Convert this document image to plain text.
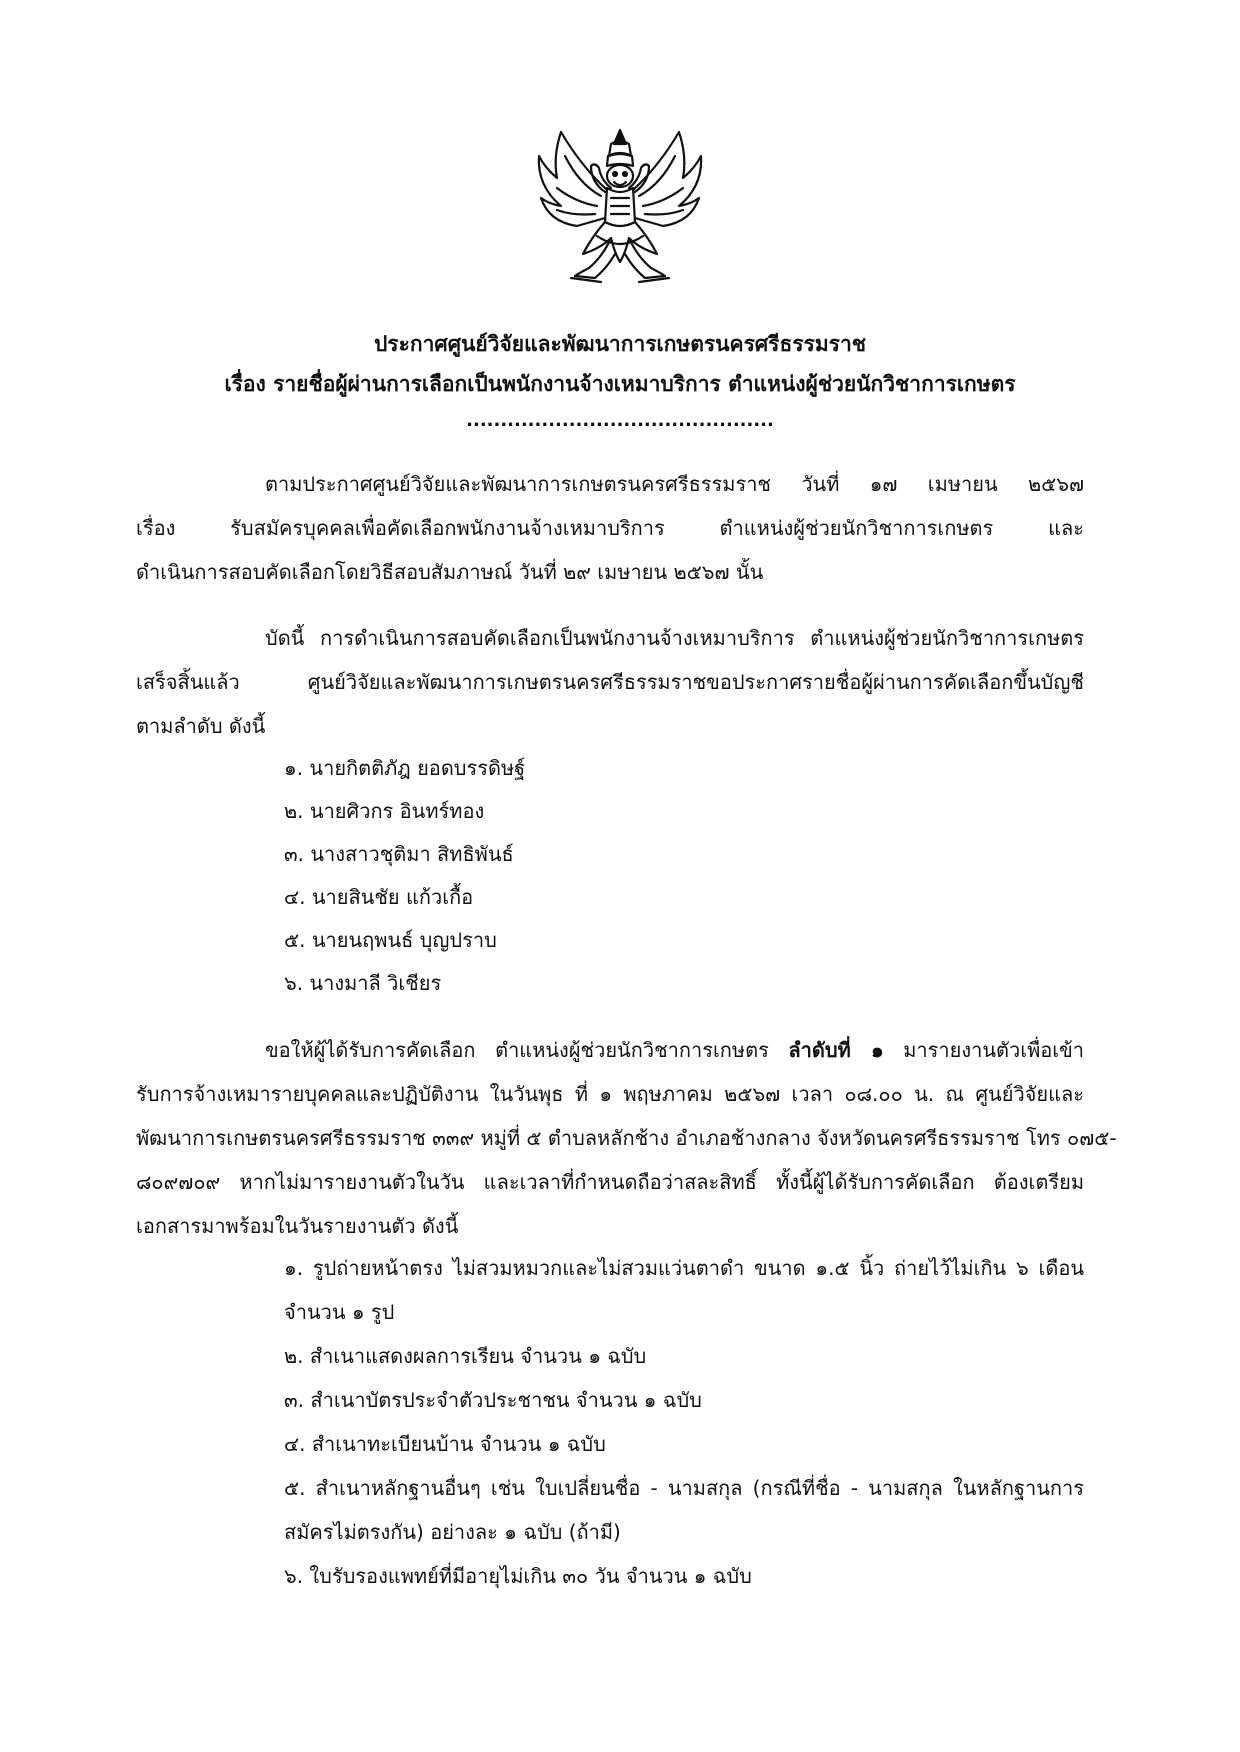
ประกาศศูนย์วิจัยและพัฒนาการเกษตรนครศรีธรรมราช
เรื่อง รายชื่อผู้ผ่านการเลือกเป็นพนักงานจ้างเหมาบริการ ตำแหน่งผู้ช่วยนักวิชาการเกษตร
.............................................
ตามประกาศศูนย์วิจัยและพัฒนาการเกษตรนครศรีธรรมราช วันที่ ๑๗ เมษายน ๒๕๖๗
เรื่อง รับสมัครบุคคลเพื่อคัดเลือกพนักงานจ้างเหมาบริการ ตำแหน่งผู้ช่วยนักวิชาการเกษตร และ
ดำเนินการสอบคัดเลือกโดยวิธีสอบสัมภาษณ์ วันที่ ๒๙ เมษายน ๒๕๖๗ นั้น
บัดนี้ การดำเนินการสอบคัดเลือกเป็นพนักงานจ้างเหมาบริการ ตำแหน่งผู้ช่วยนักวิชาการเกษตร
เสร็จสิ้นแล้ว ศูนย์วิจัยและพัฒนาการเกษตรนครศรีธรรมราชขอประกาศรายชื่อผู้ผ่านการคัดเลือกขึ้นบัญชี
ตามลำดับ ดังนี้
๑. นายกิตติภัฎ ยอดบรรดิษฐ์
๒. นายศิวกร อินทร์ทอง
๓. นางสาวชุติมา สิทธิพันธ์
๔. นายสินชัย แก้วเกื้อ
๕. นายนฤพนธ์ บุญปราบ
๖. นางมาลี วิเชียร
ขอให้ผู้ได้รับการคัดเลือก ตำแหน่งผู้ช่วยนักวิชาการเกษตร ลำดับที่ ๑ มารายงานตัวเพื่อเข้า
รับการจ้างเหมารายบุคคลและปฏิบัติงาน ในวันพุธ ที่ ๑ พฤษภาคม ๒๕๖๗ เวลา ๐๘.๐๐ น. ณ ศูนย์วิจัยและ
พัฒนาการเกษตรนครศรีธรรมราช ๓๓๙ หมู่ที่ ๕ ตำบลหลักช้าง อำเภอช้างกลาง จังหวัดนครศรีธรรมราช โทร ๐๗๕-
๘๐๙๗๐๙ หากไม่มารายงานตัวในวัน และเวลาที่กำหนดถือว่าสละสิทธิ์ ทั้งนี้ผู้ได้รับการคัดเลือก ต้องเตรียม
เอกสารมาพร้อมในวันรายงานตัว ดังนี้
๑. รูปถ่ายหน้าตรง ไม่สวมหมวกและไม่สวมแว่นตาดำ ขนาด ๑.๕ นิ้ว ถ่ายไว้ไม่เกิน ๖ เดือน
จำนวน ๑ รูป
๒. สำเนาแสดงผลการเรียน จำนวน ๑ ฉบับ
๓. สำเนาบัตรประจำตัวประชาชน จำนวน ๑ ฉบับ
๔. สำเนาทะเบียนบ้าน จำนวน ๑ ฉบับ
๕. สำเนาหลักฐานอื่นๆ เช่น ใบเปลี่ยนชื่อ - นามสกุล (กรณีที่ชื่อ - นามสกุล ในหลักฐานการ
สมัครไม่ตรงกัน) อย่างละ ๑ ฉบับ (ถ้ามี)
๖. ใบรับรองแพทย์ที่มีอายุไม่เกิน ๓๐ วัน จำนวน ๑ ฉบับ
